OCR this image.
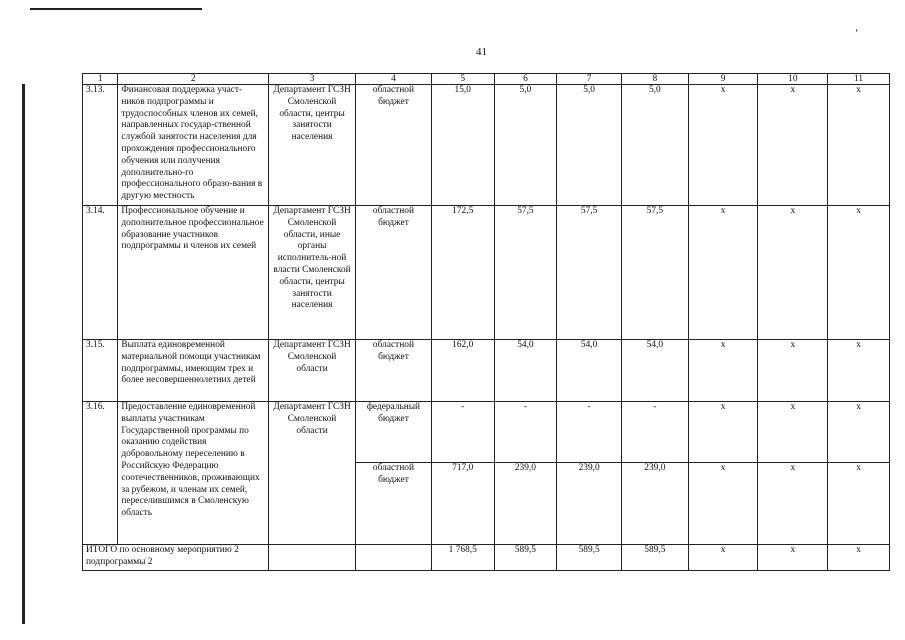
41
‘
1	2	3	4	5	6	7	8	9	10	11
3.13.	Финансовая поддержка участ-ников подпрограммы и трудоспособных членов их семей, направленных государ-ственной службой занятости населения для прохождения профессионального обучения или получения дополнительно-го профессионального образо-вания в другую местность	Департамент ГСЗН Смоленской области, центры занятости населения	областной бюджет	15,0	5,0	5,0	5,0	х	х	х
3.14.	Профессиональное обучение и дополнительное профессиональное образование участников подпрограммы и членов их семей	Департамент ГСЗН Смоленской области, иные органы исполнитель-ной власти Смоленской области, центры занятости населения	областной бюджет	172,5	57,5	57,5	57,5	х	х	х
3.15.	Выплата единовременной материальной помощи участникам подпрограммы, имеющим трех и более несовершеннолетних детей	Департамент ГСЗН Смоленской области	областной бюджет	162,0	54,0	54,0	54,0	х	х	х
3.16.	Предоставление единовременной выплаты участникам Государственной программы по оказанию содействия добровольному переселению в Российскую Федерацию соотечественников, проживающих за рубежом, и членам их семей, переселившимся в Смоленскую область	Департамент ГСЗН Смоленской области	федеральный бюджет	-	-	-	-	х	х	х
			областной бюджет	717,0	239,0	239,0	239,0	х	х	х
ИТОГО по основному мероприятию 2 подпрограммы 2				1 768,5	589,5	589,5	589,5	х	х	х
